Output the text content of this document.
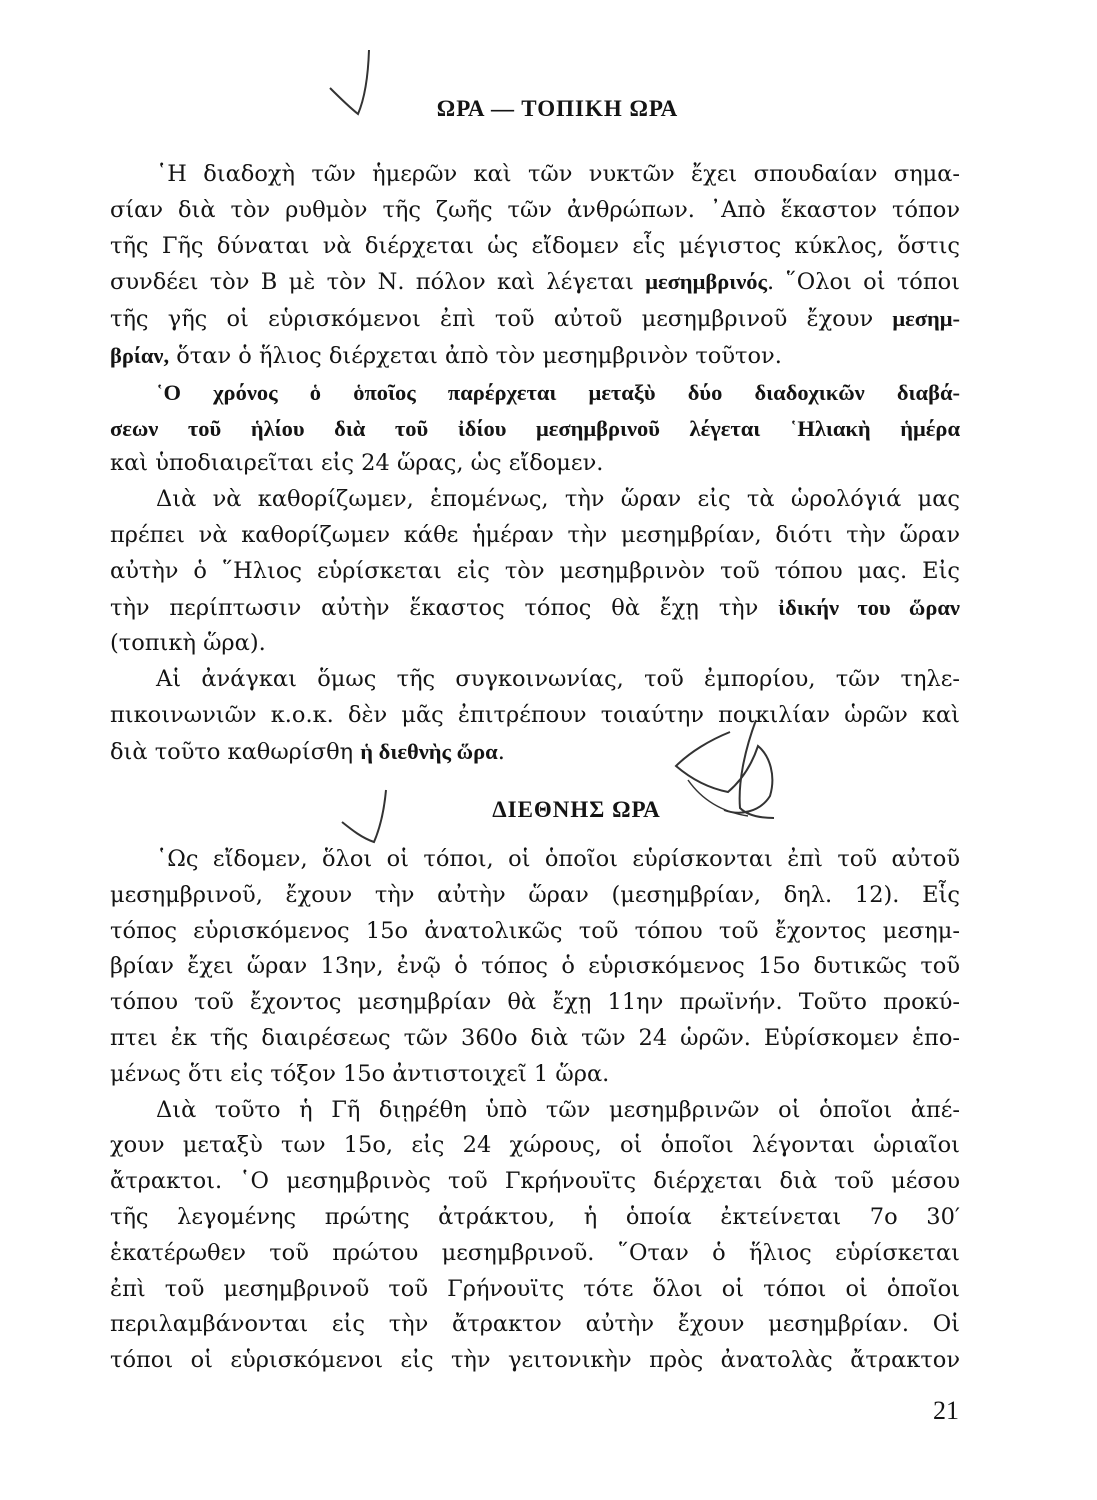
ΩΡΑ — ΤΟΠΙΚΗ ΩΡΑ
῾Η διαδοχὴ τῶν ἡμερῶν καὶ τῶν νυκτῶν ἔχει σπουδαίαν σημα-
σίαν διὰ τὸν ρυθμὸν τῆς ζωῆς τῶν ἀνθρώπων. ᾿Απὸ ἕκαστον τόπον
τῆς Γῆς δύναται νὰ διέρχεται ὡς εἴδομεν εἷς μέγιστος κύκλος, ὅστις
συνδέει τὸν Β μὲ τὸν Ν. πόλον καὶ λέγεται μεσημβρινός. ῞Ολοι οἱ τόποι
τῆς γῆς οἱ εὑρισκόμενοι ἐπὶ τοῦ αὐτοῦ μεσημβρινοῦ ἔχουν μεσημ-
βρίαν, ὅταν ὁ ἥλιος διέρχεται ἀπὸ τὸν μεσημβρινὸν τοῦτον.
῾Ο χρόνος ὁ ὁποῖος παρέρχεται μεταξὺ δύο διαδοχικῶν διαβά-
σεων τοῦ ἡλίου διὰ τοῦ ἰδίου μεσημβρινοῦ λέγεται ῾Ηλιακὴ ἡμέρα
καὶ ὑποδιαιρεῖται εἰς 24 ὥρας, ὡς εἴδομεν.
Διὰ νὰ καθορίζωμεν, ἑπομένως, τὴν ὥραν εἰς τὰ ὡρολόγιά μας
πρέπει νὰ καθορίζωμεν κάθε ἡμέραν τὴν μεσημβρίαν, διότι τὴν ὥραν
αὐτὴν ὁ ῞Ηλιος εὑρίσκεται εἰς τὸν μεσημβρινὸν τοῦ τόπου μας. Εἰς
τὴν περίπτωσιν αὐτὴν ἕκαστος τόπος θὰ ἔχῃ τὴν ἰδικήν του ὥραν
(τοπικὴ ὥρα).
Αἱ ἀνάγκαι ὅμως τῆς συγκοινωνίας, τοῦ ἐμπορίου, τῶν τηλε-
πικοινωνιῶν κ.ο.κ. δὲν μᾶς ἐπιτρέπουν τοιαύτην ποικιλίαν ὡρῶν καὶ
διὰ τοῦτο καθωρίσθη ἡ διεθνὴς ὥρα.
ΔΙΕΘΝΗΣ ΩΡΑ
῾Ως εἴδομεν, ὅλοι οἱ τόποι, οἱ ὁποῖοι εὑρίσκονται ἐπὶ τοῦ αὐτοῦ
μεσημβρινοῦ, ἔχουν τὴν αὐτὴν ὥραν (μεσημβρίαν, δηλ. 12). Εἷς
τόπος εὑρισκόμενος 15ο ἀνατολικῶς τοῦ τόπου τοῦ ἔχοντος μεσημ-
βρίαν ἔχει ὥραν 13ην, ἐνῷ ὁ τόπος ὁ εὑρισκόμενος 15ο δυτικῶς τοῦ
τόπου τοῦ ἔχοντος μεσημβρίαν θὰ ἔχῃ 11ην πρωϊνήν. Τοῦτο προκύ-
πτει ἐκ τῆς διαιρέσεως τῶν 360ο διὰ τῶν 24 ὡρῶν. Εὑρίσκομεν ἑπο-
μένως ὅτι εἰς τόξον 15ο ἀντιστοιχεῖ 1 ὥρα.
Διὰ τοῦτο ἡ Γῆ διῃρέθη ὑπὸ τῶν μεσημβρινῶν οἱ ὁποῖοι ἀπέ-
χουν μεταξὺ των 15ο, εἰς 24 χώρους, οἱ ὁποῖοι λέγονται ὡριαῖοι
ἄτρακτοι. ῾Ο μεσημβρινὸς τοῦ Γκρήνουϊτς διέρχεται διὰ τοῦ μέσου
τῆς λεγομένης πρώτης ἀτράκτου, ἡ ὁποία ἐκτείνεται 7ο 30′
ἑκατέρωθεν τοῦ πρώτου μεσημβρινοῦ. ῞Οταν ὁ ἥλιος εὑρίσκεται
ἐπὶ τοῦ μεσημβρινοῦ τοῦ Γρήνουϊτς τότε ὅλοι οἱ τόποι οἱ ὁποῖοι
περιλαμβάνονται εἰς τὴν ἄτρακτον αὐτὴν ἔχουν μεσημβρίαν. Οἱ
τόποι οἱ εὑρισκόμενοι εἰς τὴν γειτονικὴν πρὸς ἀνατολὰς ἄτρακτον
21
